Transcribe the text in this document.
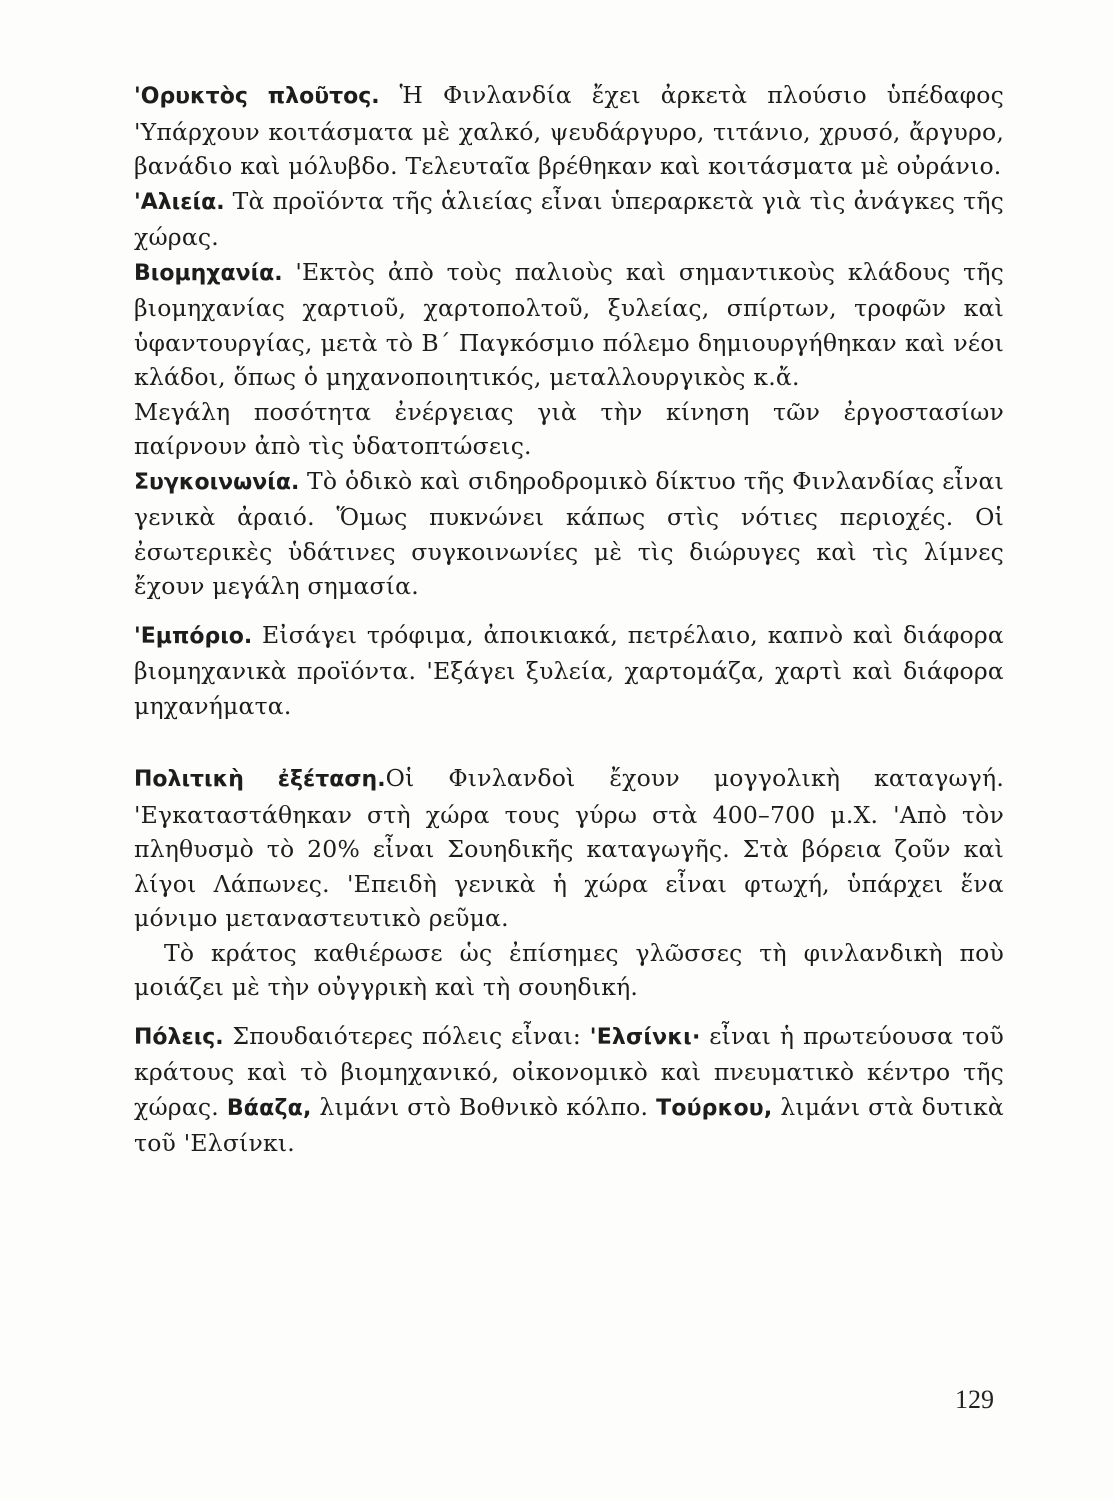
'Ορυκτὸς πλοῦτος. Ἡ Φινλανδία ἔχει ἀρκετὰ πλούσιο ὑπέδαφος 'Υπάρχουν κοιτάσματα μὲ χαλκό, ψευδάργυρο, τιτάνιο, χρυσό, ἄργυρο, βανάδιο καὶ μόλυβδο. Τελευταῖα βρέθηκαν καὶ κοιτάσματα μὲ οὐράνιο.

'Αλιεία. Τὰ προϊόντα τῆς ἁλιείας εἶναι ὑπεραρκετὰ γιὰ τὶς ἀνάγκες τῆς χώρας.

Βιομηχανία. 'Εκτὸς ἀπὸ τοὺς παλιοὺς καὶ σημαντικοὺς κλάδους τῆς βιομηχανίας χαρτιοῦ, χαρτοπολτοῦ, ξυλείας, σπίρτων, τροφῶν καὶ ὑφαντουργίας, μετὰ τὸ Β΄ Παγκόσμιο πόλεμο δημιουργήθηκαν καὶ νέοι κλάδοι, ὅπως ὁ μηχανοποιητικός, μεταλλουργικὸς κ.ἄ.

Μεγάλη ποσότητα ἐνέργειας γιὰ τὴν κίνηση τῶν ἐργοστασίων παίρνουν ἀπὸ τὶς ὑδατοπτώσεις.

Συγκοινωνία. Τὸ ὁδικὸ καὶ σιδηροδρομικὸ δίκτυο τῆς Φινλανδίας εἶναι γενικὰ ἀραιό. Ὅμως πυκνώνει κάπως στὶς νότιες περιοχές. Οἱ ἐσωτερικὲς ὑδάτινες συγκοινωνίες μὲ τὶς διώρυγες καὶ τὶς λίμνες ἔχουν μεγάλη σημασία.

'Εμπόριο. Εἰσάγει τρόφιμα, ἀποικιακά, πετρέλαιο, καπνὸ καὶ διάφορα βιομηχανικὰ προϊόντα. 'Εξάγει ξυλεία, χαρτομάζα, χαρτὶ καὶ διάφορα μηχανήματα.

Πολιτικὴ ἐξέταση.Οἱ Φινλανδοὶ ἔχουν μογγολικὴ καταγωγή. 'Εγκαταστάθηκαν στὴ χώρα τους γύρω στὰ 400–700 μ.Χ. 'Απὸ τὸν πληθυσμὸ τὸ 20% εἶναι Σουηδικῆς καταγωγῆς. Στὰ βόρεια ζοῦν καὶ λίγοι Λάπωνες. 'Επειδὴ γενικὰ ἡ χώρα εἶναι φτωχή, ὑπάρχει ἕνα μόνιμο μεταναστευτικὸ ρεῦμα.

Τὸ κράτος καθιέρωσε ὡς ἐπίσημες γλῶσσες τὴ φινλανδικὴ ποὺ μοιάζει μὲ τὴν οὐγγρικὴ καὶ τὴ σουηδική.

Πόλεις. Σπουδαιότερες πόλεις εἶναι: 'Ελσίνκι· εἶναι ἡ πρωτεύουσα τοῦ κράτους καὶ τὸ βιομηχανικό, οἰκονομικὸ καὶ πνευματικὸ κέντρο τῆς χώρας. Βάαζα, λιμάνι στὸ Βοθνικὸ κόλπο. Τούρκου, λιμάνι στὰ δυτικὰ τοῦ 'Ελσίνκι.

129
